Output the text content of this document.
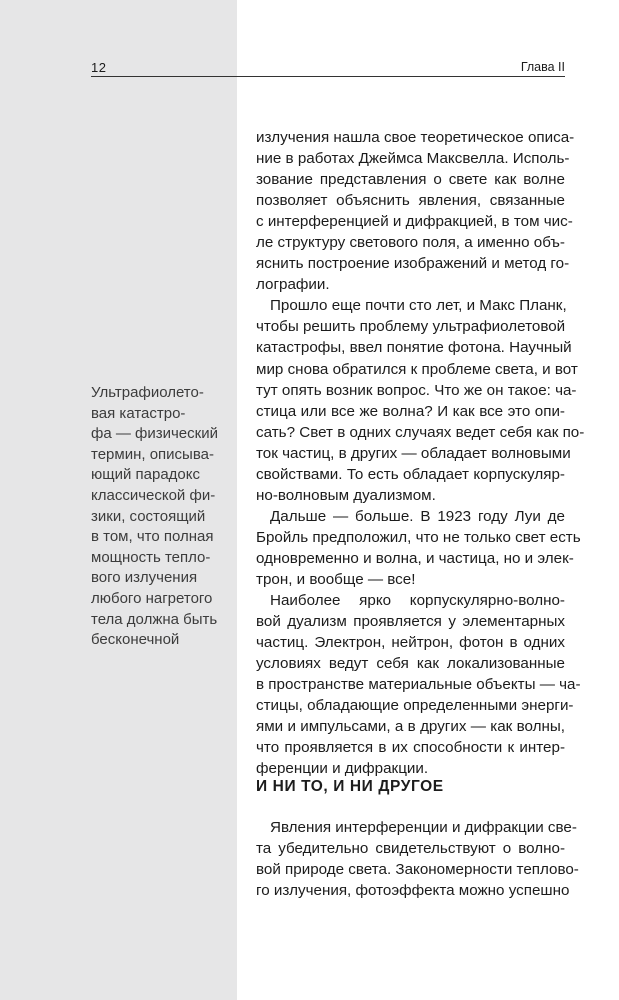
12	Глава II
Ультрафиолето-
вая катастро-
фа — физический
термин, описыва-
ющий парадокс
классической фи-
зики, состоящий
в том, что полная
мощность тепло-
вого излучения
любого нагретого
тела должна быть
бесконечной
излучения нашла свое теоретическое описа-
ние в работах Джеймса Максвелла. Исполь-
зование представления о свете как волне
позволяет объяснить явления, связанные
с интерференцией и дифракцией, в том чис-
ле структуру светового поля, а именно объ-
яснить построение изображений и метод го-
лографии.
Прошло еще почти сто лет, и Макс Планк,
чтобы решить проблему ультрафиолетовой
катастрофы, ввел понятие фотона. Научный
мир снова обратился к проблеме света, и вот
тут опять возник вопрос. Что же он такое: ча-
стица или все же волна? И как все это опи-
сать? Свет в одних случаях ведет себя как по-
ток частиц, в других — обладает волновыми
свойствами. То есть обладает корпускуляр-
но-волновым дуализмом.
Дальше — больше. В 1923 году Луи де
Бройль предположил, что не только свет есть
одновременно и волна, и частица, но и элек-
трон, и вообще — все!
Наиболее ярко корпускулярно-волно-
вой дуализм проявляется у элементарных
частиц. Электрон, нейтрон, фотон в одних
условиях ведут себя как локализованные
в пространстве материальные объекты — ча-
стицы, обладающие определенными энерги-
ями и импульсами, а в других — как волны,
что проявляется в их способности к интер-
ференции и дифракции.
И НИ ТО, И НИ ДРУГОЕ
Явления интерференции и дифракции све-
та убедительно свидетельствуют о волно-
вой природе света. Закономерности теплово-
го излучения, фотоэффекта можно успешно
